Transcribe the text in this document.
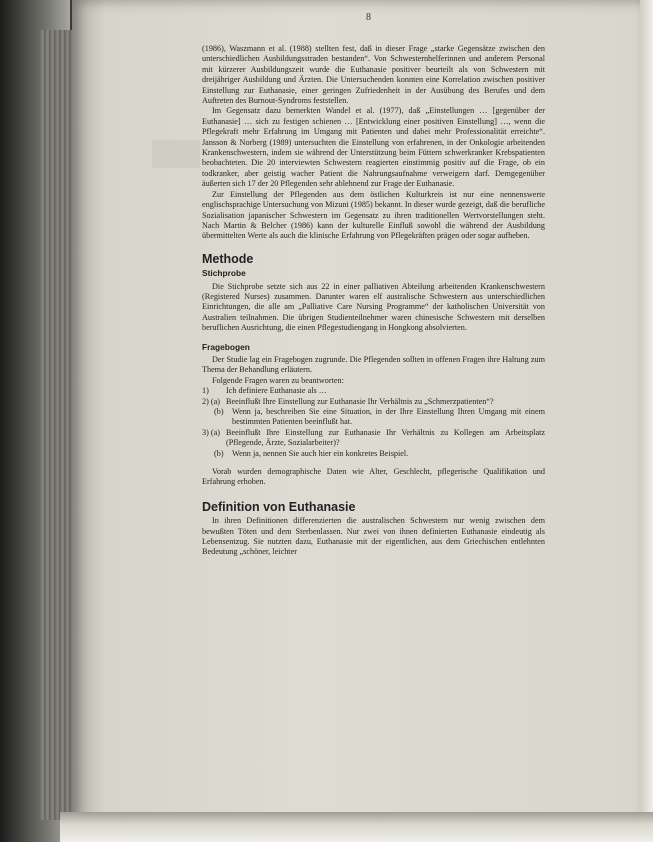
8

(1986), Waszmann et al. (1988) stellten fest, daß in dieser Frage „starke Gegensätze zwischen den unterschiedlichen Ausbildungsstraden bestanden“. Von Schwesternhelferinnen und anderem Personal mit kürzerer Ausbildungszeit wurde die Euthanasie positiver beurteilt als von Schwestern mit dreijähriger Ausbildung und Ärzten. Die Untersuchenden konnten eine Korrelation zwischen positiver Einstellung zur Euthanasie, einer geringen Zufriedenheit in der Ausübung des Berufes und dem Auftreten des Burnout-Syndroms feststellen.

Im Gegensatz dazu bemerkten Wandel et al. (1977), daß „Einstellungen … [gegenüber der Euthanasie] … sich zu festigen schienen … [Entwicklung einer positiven Einstellung] …, wenn die Pflegekraft mehr Erfahrung im Umgang mit Patienten und dabei mehr Professionalität erreichte“. Jansson & Norberg (1989) untersuchten die Einstellung von erfahrenen, in der Onkologie arbeitenden Krankenschwestern, indem sie während der Unterstützung beim Füttern schwerkranker Krebspatienten beobachteten. Die 20 interviewten Schwestern reagierten einstimmig positiv auf die Frage, ob ein todkranker, aber geistig wacher Patient die Nahrungsaufnahme verweigern darf. Demgegenüber äußerten sich 17 der 20 Pflegenden sehr ablehnend zur Frage der Euthanasie.

Zur Einstellung der Pflegenden aus dem östlichen Kulturkreis ist nur eine nennenswerte englischsprachige Untersuchung von Mizuni (1985) bekannt. In dieser wurde gezeigt, daß die berufliche Sozialisation japanischer Schwestern im Gegensatz zu ihren traditionellen Wertvorstellungen steht. Nach Martin & Belcher (1986) kann der kulturelle Einfluß sowohl die während der Ausbildung übermittelten Werte als auch die klinische Erfahrung von Pflegekräften prägen oder sogar aufheben.

Methode
Stichprobe

Die Stichprobe setzte sich aus 22 in einer palliativen Abteilung arbeitenden Krankenschwestern (Registered Nurses) zusammen. Darunter waren elf australische Schwestern aus unterschiedlichen Einrichtungen, die alle am „Palliative Care Nursing Programme“ der katholischen Universität von Australien teilnahmen. Die übrigen Studienteilnehmer waren chinesische Schwestern mit derselben beruflichen Ausrichtung, die einen Pflegestudiengang in Hongkong absolvierten.

Fragebogen

Der Studie lag ein Fragebogen zugrunde. Die Pflegenden sollten in offenen Fragen ihre Haltung zum Thema der Behandlung erläutern.

Folgende Fragen waren zu beantworten:

1) Ich definiere Euthanasie als …
2) (a) Beeinflußt Ihre Einstellung zur Euthanasie Ihr Verhältnis zu „Schmerzpatienten“?
(b) Wenn ja, beschreiben Sie eine Situation, in der Ihre Einstellung Ihren Umgang mit einem bestimmten Patienten beeinflußt hat.
3) (a) Beeinflußt Ihre Einstellung zur Euthanasie Ihr Verhältnis zu Kollegen am Arbeitsplatz (Pflegende, Ärzte, Sozialarbeiter)?
(b) Wenn ja, nennen Sie auch hier ein konkretes Beispiel.

Vorab wurden demographische Daten wie Alter, Geschlecht, pflegerische Qualifikation und Erfahrung erhoben.

Definition von Euthanasie

In ihren Definitionen differenzierten die australischen Schwestern nur wenig zwischen dem bewußten Töten und dem Sterbenlassen. Nur zwei von ihnen definierten Euthanasie eindeutig als Lebensentzug. Sie nutzten dazu, Euthanasie mit der eigentlichen, aus dem Griechischen entlehnten Bedeutung „schöner, leichter
